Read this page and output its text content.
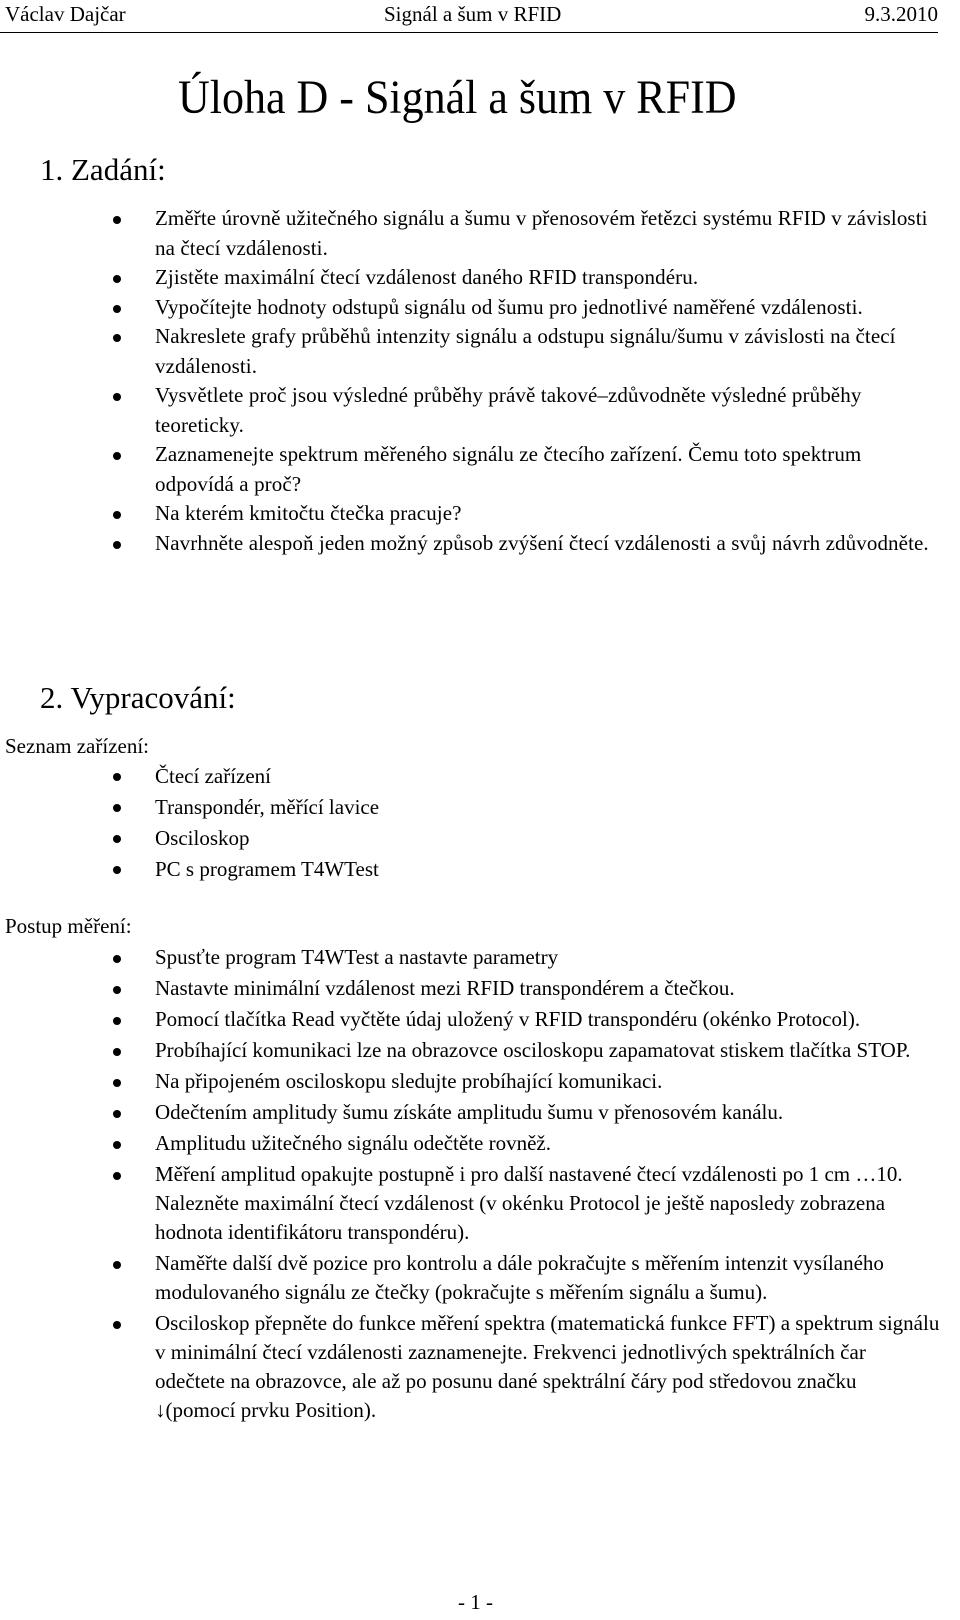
Václav Dajčar	Signál a šum v RFID	9.3.2010
Úloha D - Signál a šum v RFID
1. Zadání:
Změřte úrovně užitečného signálu a šumu v přenosovém řetězci systému RFID v závislosti na čtecí vzdálenosti.
Zjistěte maximální čtecí vzdálenost daného RFID transpondéru.
Vypočítejte hodnoty odstupů signálu od šumu pro jednotlivé naměřené vzdálenosti.
Nakreslete grafy průběhů intenzity signálu a odstupu signálu/šumu v závislosti na čtecí vzdálenosti.
Vysvětlete proč jsou výsledné průběhy právě takové–zdůvodněte výsledné průběhy teoreticky.
Zaznamenejte spektrum měřeného signálu ze čtecího zařízení. Čemu toto spektrum odpovídá a proč?
Na kterém kmitočtu čtečka pracuje?
Navrhněte alespoň jeden možný způsob zvýšení čtecí vzdálenosti a svůj návrh zdůvodněte.
2. Vypracování:
Seznam zařízení:
Čtecí zařízení
Transpondér, měřící lavice
Osciloskop
PC s programem T4WTest
Postup měření:
Spusťte program T4WTest a nastavte parametry
Nastavte minimální vzdálenost mezi RFID transpondérem a čtečkou.
Pomocí tlačítka Read vyčtěte údaj uložený v RFID transpondéru (okénko Protocol).
Probíhající komunikaci lze na obrazovce osciloskopu zapamatovat stiskem tlačítka STOP.
Na připojeném osciloskopu sledujte probíhající komunikaci.
Odečtením amplitudy šumu získáte amplitudu šumu v přenosovém kanálu.
Amplitudu užitečného signálu odečtěte rovněž.
Měření amplitud opakujte postupně i pro další nastavené čtecí vzdálenosti po 1 cm …10. Nalezněte maximální čtecí vzdálenost (v okénku Protocol je ještě naposledy zobrazena hodnota identifikátoru transpondéru).
Naměřte další dvě pozice pro kontrolu a dále pokračujte s měřením intenzit vysílaného modulovaného signálu ze čtečky (pokračujte s měřením signálu a šumu).
Osciloskop přepněte do funkce měření spektra (matematická funkce FFT) a spektrum signálu v minimální čtecí vzdálenosti zaznamenejte. Frekvenci jednotlivých spektrálních čar odečtete na obrazovce, ale až po posunu dané spektrální čáry pod středovou značku ↓(pomocí prvku Position).
- 1 -
